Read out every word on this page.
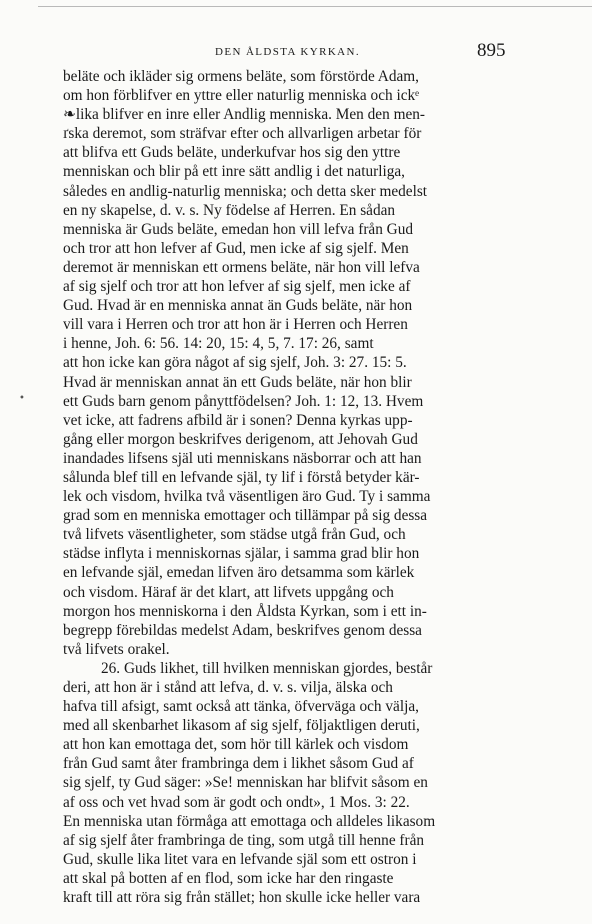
DEN ÅLDSTA KYRKAN.	895
•
beläte och ikläder sig ormens beläte, som förstörde Adam,
om hon förblifver en yttre eller naturlig menniska och ickᵉ
❧lika blifver en inre eller Andlig menniska. Men den men-
ґska deremot, som sträfvar efter och allvarligen arbetar för
att blifva ett Guds beläte, underkufvar hos sig den yttre
menniskan och blir på ett inre sätt andlig i det naturliga,
således en andlig-naturlig menniska; och detta sker medelst
en ny skapelse, d. v. s. Ny födelse af Herren. En sådan
menniska är Guds beläte, emedan hon vill lefva från Gud
och tror att hon lefver af Gud, men icke af sig sjelf. Men
deremot är menniskan ett ormens beläte, när hon vill lefva
af sig sjelf och tror att hon lefver af sig sjelf, men icke af
Gud. Hvad är en menniska annat än Guds beläte, när hon
vill vara i Herren och tror att hon är i Herren och Herren
i henne, Joh. 6: 56. 14: 20, 15: 4, 5, 7. 17: 26, samt
att hon icke kan göra något af sig sjelf, Joh. 3: 27. 15: 5.
Hvad är menniskan annat än ett Guds beläte, när hon blir
ett Guds barn genom pånyttfödelsen? Joh. 1: 12, 13. Hvem
vet icke, att fadrens afbild är i sonen? Denna kyrkas upp-
gång eller morgon beskrifves derigenom, att Jehovah Gud
inandades lifsens själ uti menniskans näsborrar och att han
sålunda blef till en lefvande själ, ty lif i förstå betyder kär-
lek och visdom, hvilka två väsentligen äro Gud. Ty i samma
grad som en menniska emottager och tillämpar på sig dessa
två lifvets väsentligheter, som städse utgå från Gud, och
städse inflyta i menniskornas själar, i samma grad blir hon
en lefvande själ, emedan lifven äro detsamma som kärlek
och visdom. Häraf är det klart, att lifvets uppgång och
morgon hos menniskorna i den Åldsta Kyrkan, som i ett in-
begrepp förebildas medelst Adam, beskrifves genom dessa
två lifvets orakel.
26. Guds likhet, till hvilken menniskan gjordes, består
deri, att hon är i stånd att lefva, d. v. s. vilja, älska och
hafva till afsigt, samt också att tänka, öfverväga och välja,
med all skenbarhet likasom af sig sjelf, följaktligen deruti,
att hon kan emottaga det, som hör till kärlek och visdom
från Gud samt åter frambringa dem i likhet såsom Gud af
sig sjelf, ty Gud säger: »Se! menniskan har blifvit såsom en
af oss och vet hvad som är godt och ondt», 1 Mos. 3: 22.
En menniska utan förmåga att emottaga och alldeles likasom
af sig sjelf åter frambringa de ting, som utgå till henne från
Gud, skulle lika litet vara en lefvande själ som ett ostron i
att skal på botten af en flod, som icke har den ringaste
kraft till att röra sig från stället; hon skulle icke heller vara
